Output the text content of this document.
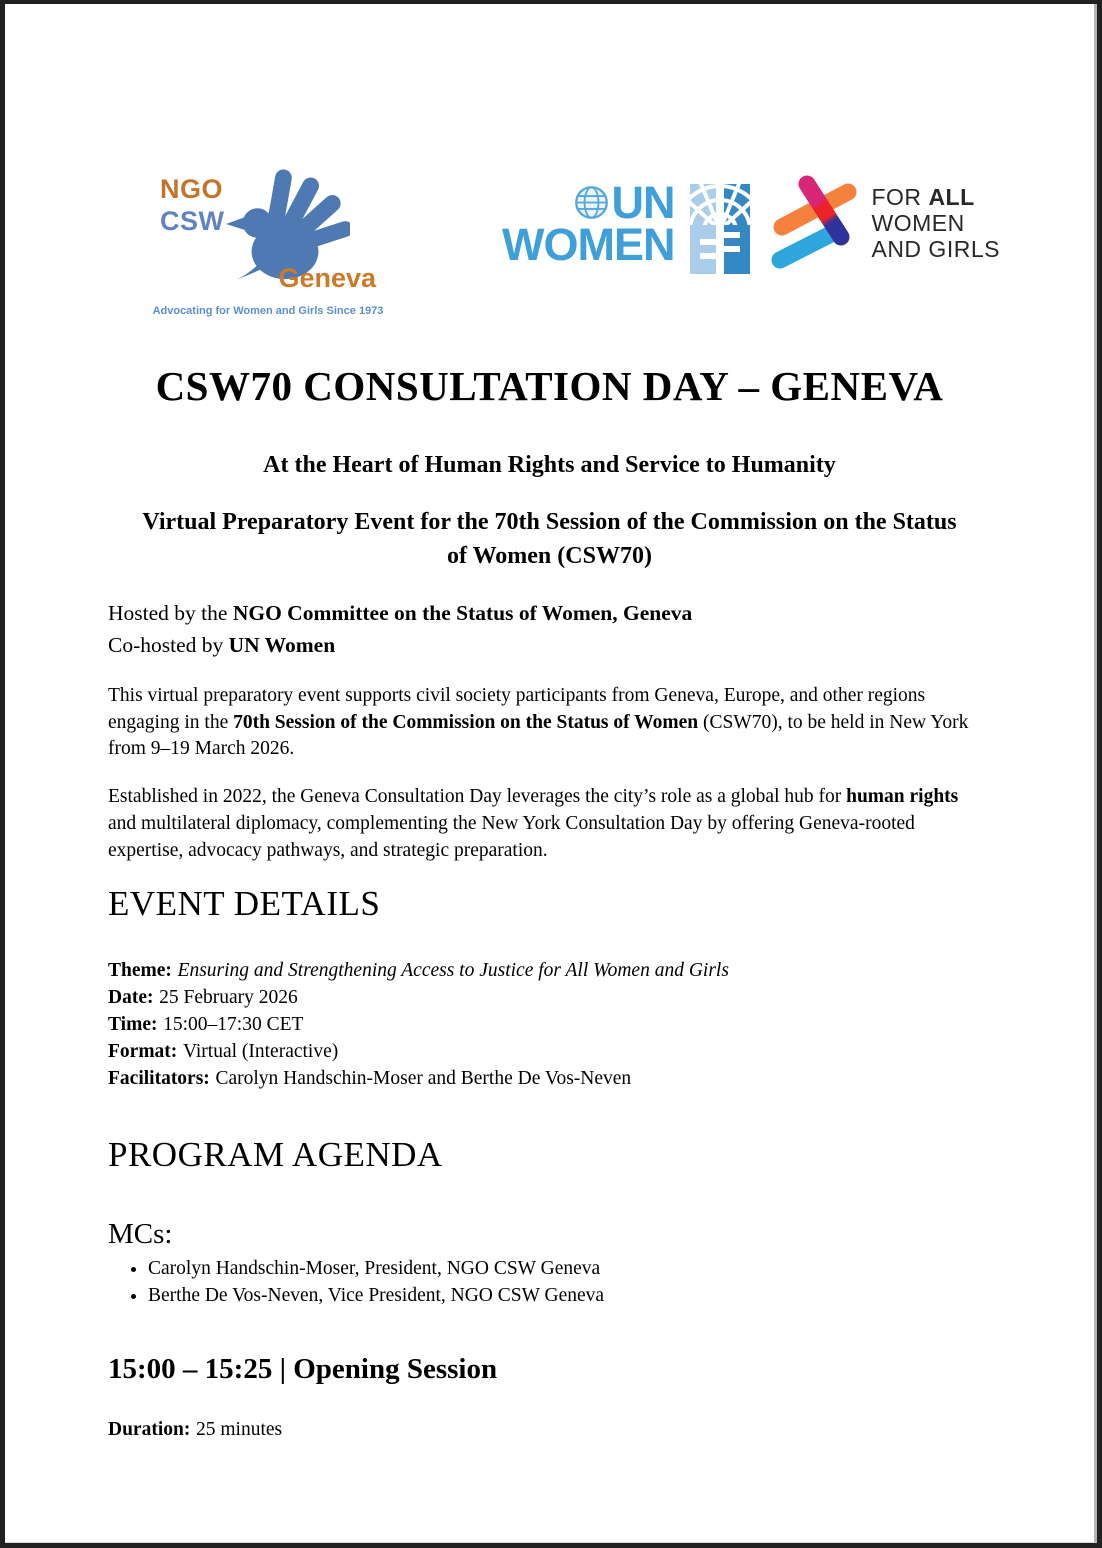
NGO
CSW
Geneva
Advocating for Women and Girls Since 1973
UN
WOMEN
FOR ALL
WOMEN
AND GIRLS
CSW70 CONSULTATION DAY – GENEVA

At the Heart of Human Rights and Service to Humanity

Virtual Preparatory Event for the 70th Session of the Commission on the Status of Women (CSW70)

Hosted by the NGO Committee on the Status of Women, Geneva

Co-hosted by UN Women

This virtual preparatory event supports civil society participants from Geneva, Europe, and other regions engaging in the 70th Session of the Commission on the Status of Women (CSW70), to be held in New York from 9–19 March 2026.

Established in 2022, the Geneva Consultation Day leverages the city’s role as a global hub for human rights and multilateral diplomacy, complementing the New York Consultation Day by offering Geneva-rooted expertise, advocacy pathways, and strategic preparation.

EVENT DETAILS

Theme: Ensuring and Strengthening Access to Justice for All Women and Girls

Date: 25 February 2026

Time: 15:00–17:30 CET

Format: Virtual (Interactive)

Facilitators: Carolyn Handschin-Moser and Berthe De Vos-Neven

PROGRAM AGENDA
MCs:
• Carolyn Handschin-Moser, President, NGO CSW Geneva
• Berthe De Vos-Neven, Vice President, NGO CSW Geneva
15:00 – 15:25 | Opening Session

Duration: 25 minutes
